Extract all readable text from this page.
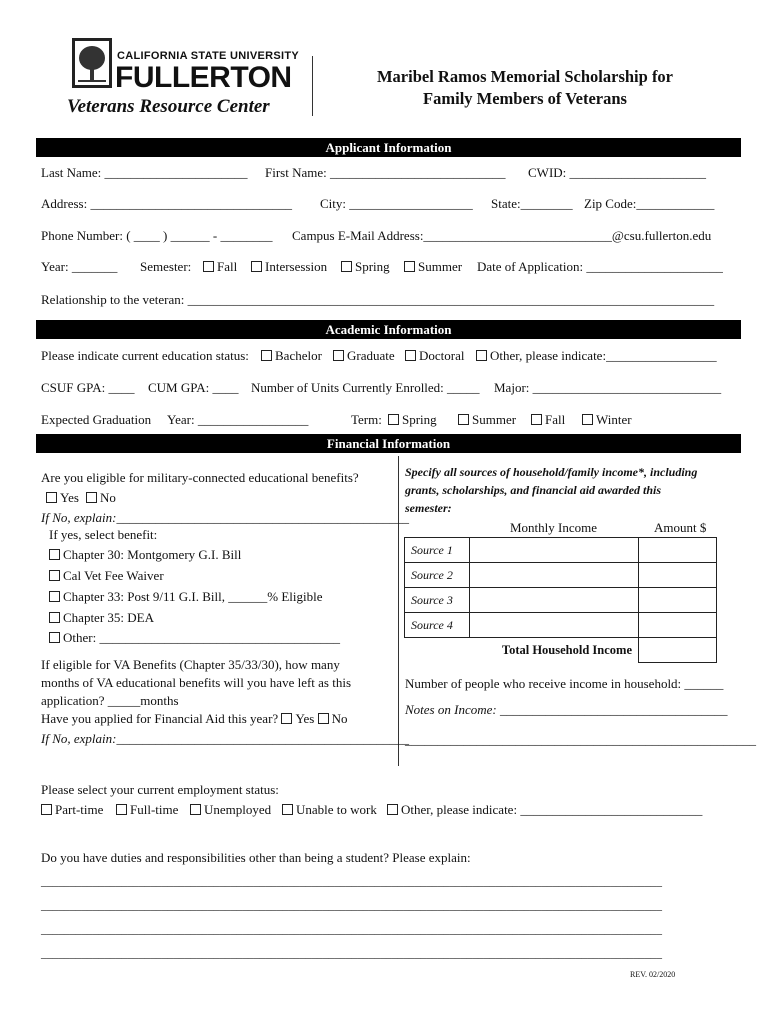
CALIFORNIA STATE UNIVERSITY
FULLERTON
Veterans Resource Center
Maribel Ramos Memorial Scholarship for
Family Members of Veterans
Applicant Information
Last Name: ______________________ First Name: ___________________________ CWID: _____________________
Address: _______________________________ City: ___________________ State:________ Zip Code:____________
Phone Number: ( ____ ) ______ - ________ Campus E-Mail Address:_____________________________@csu.fullerton.edu
Year: _______ Semester:	Fall	Intersession	Spring	Summer Date of Application: _____________________
Relationship to the veteran: _________________________________________________________________________________
Academic Information
Please indicate current education status:	Bachelor	Graduate	Doctoral	Other, please indicate:_________________
CSUF GPA: ____ CUM GPA: ____ Number of Units Currently Enrolled: _____ Major: _____________________________
Expected Graduation Year: _________________	Term:	Spring	Summer	Fall	Winter
Financial Information
Are you eligible for military-connected educational benefits?
Yes	No
If No, explain:_____________________________________________
If yes, select benefit:
Chapter 30: Montgomery G.I. Bill
Cal Vet Fee Waiver
Chapter 33: Post 9/11 G.I. Bill, ______% Eligible
Chapter 35: DEA
Other: _____________________________________
If eligible for VA Benefits (Chapter 35/33/30), how many
months of VA educational benefits will you have left as this
application? _____months
Have you applied for Financial Aid this year? Yes No
If No, explain:_____________________________________________
Specify all sources of household/family income*, including
grants, scholarships, and financial aid awarded this
semester:
Monthly Income	Amount $
Source 1		
Source 2		
Source 3		
Source 4		
Total Household Income		
Number of people who receive income in household: ______
Notes on Income: ___________________________________
______________________________________________________
Please select your current employment status:
Part-time	Full-time	Unemployed	Unable to work	Other, please indicate: ____________________________
Do you have duties and responsibilities other than being a student? Please explain:
____________________________________________________________________________________________________________
____________________________________________________________________________________________________________
____________________________________________________________________________________________________________
____________________________________________________________________________________________________________
REV. 02/2020
